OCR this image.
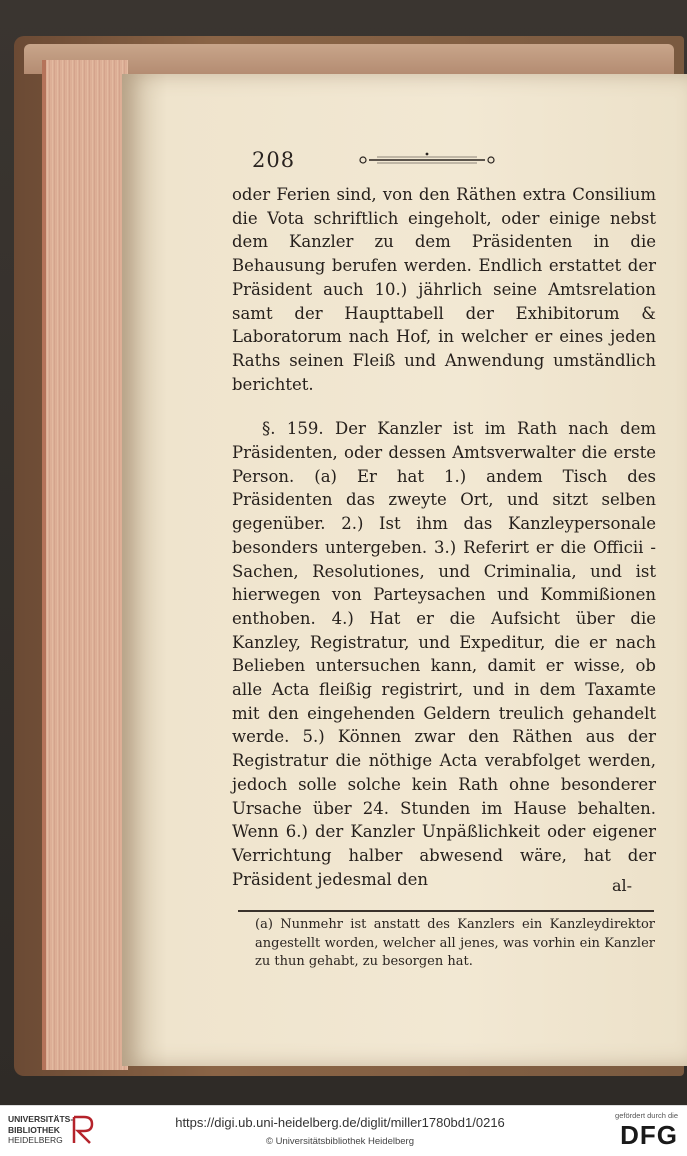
208

oder Ferien sind, von den Räthen extra Consilium die Vota schriftlich eingeholt, oder einige nebst dem Kanzler zu dem Präsidenten in die Behausung berufen werden. Endlich erstattet der Präsident auch 10.) jährlich seine Amtsrelation samt der Haupttabell der Exhibitorum & Laboratorum nach Hof, in welcher er eines jeden Raths seinen Fleiß und Anwendung umständlich berichtet.

§. 159. Der Kanzler ist im Rath nach dem Präsidenten, oder dessen Amtsverwalter die erste Person. (a) Er hat 1.) andem Tisch des Präsidenten das zweyte Ort, und sitzt selben gegenüber. 2.) Ist ihm das Kanzleypersonale besonders untergeben. 3.) Referirt er die Officii - Sachen, Resolutiones, und Criminalia, und ist hierwegen von Parteysachen und Kommißionen enthoben. 4.) Hat er die Aufsicht über die Kanzley, Registratur, und Expeditur, die er nach Belieben untersuchen kann, damit er wisse, ob alle Acta fleißig registrirt, und in dem Taxamte mit den eingehenden Geldern treulich gehandelt werde. 5.) Können zwar den Räthen aus der Registratur die nöthige Acta verabfolget werden, jedoch solle solche kein Rath ohne besonderer Ursache über 24. Stunden im Hause behalten. Wenn 6.) der Kanzler Unpäßlichkeit oder eigener Verrichtung halber abwesend wäre, hat der Präsident jedesmal den	al-
(a) Nunmehr ist anstatt des Kanzlers ein Kanzleydirektor angestellt worden, welcher all jenes, was vorhin ein Kanzler zu thun gehabt, zu besorgen hat.
UNIVERSITÄTS-
BIBLIOTHEK
HEIDELBERG
https://digi.ub.uni-heidelberg.de/diglit/miller1780bd1/0216
© Universitätsbibliothek Heidelberg
gefördert durch die
DFG
